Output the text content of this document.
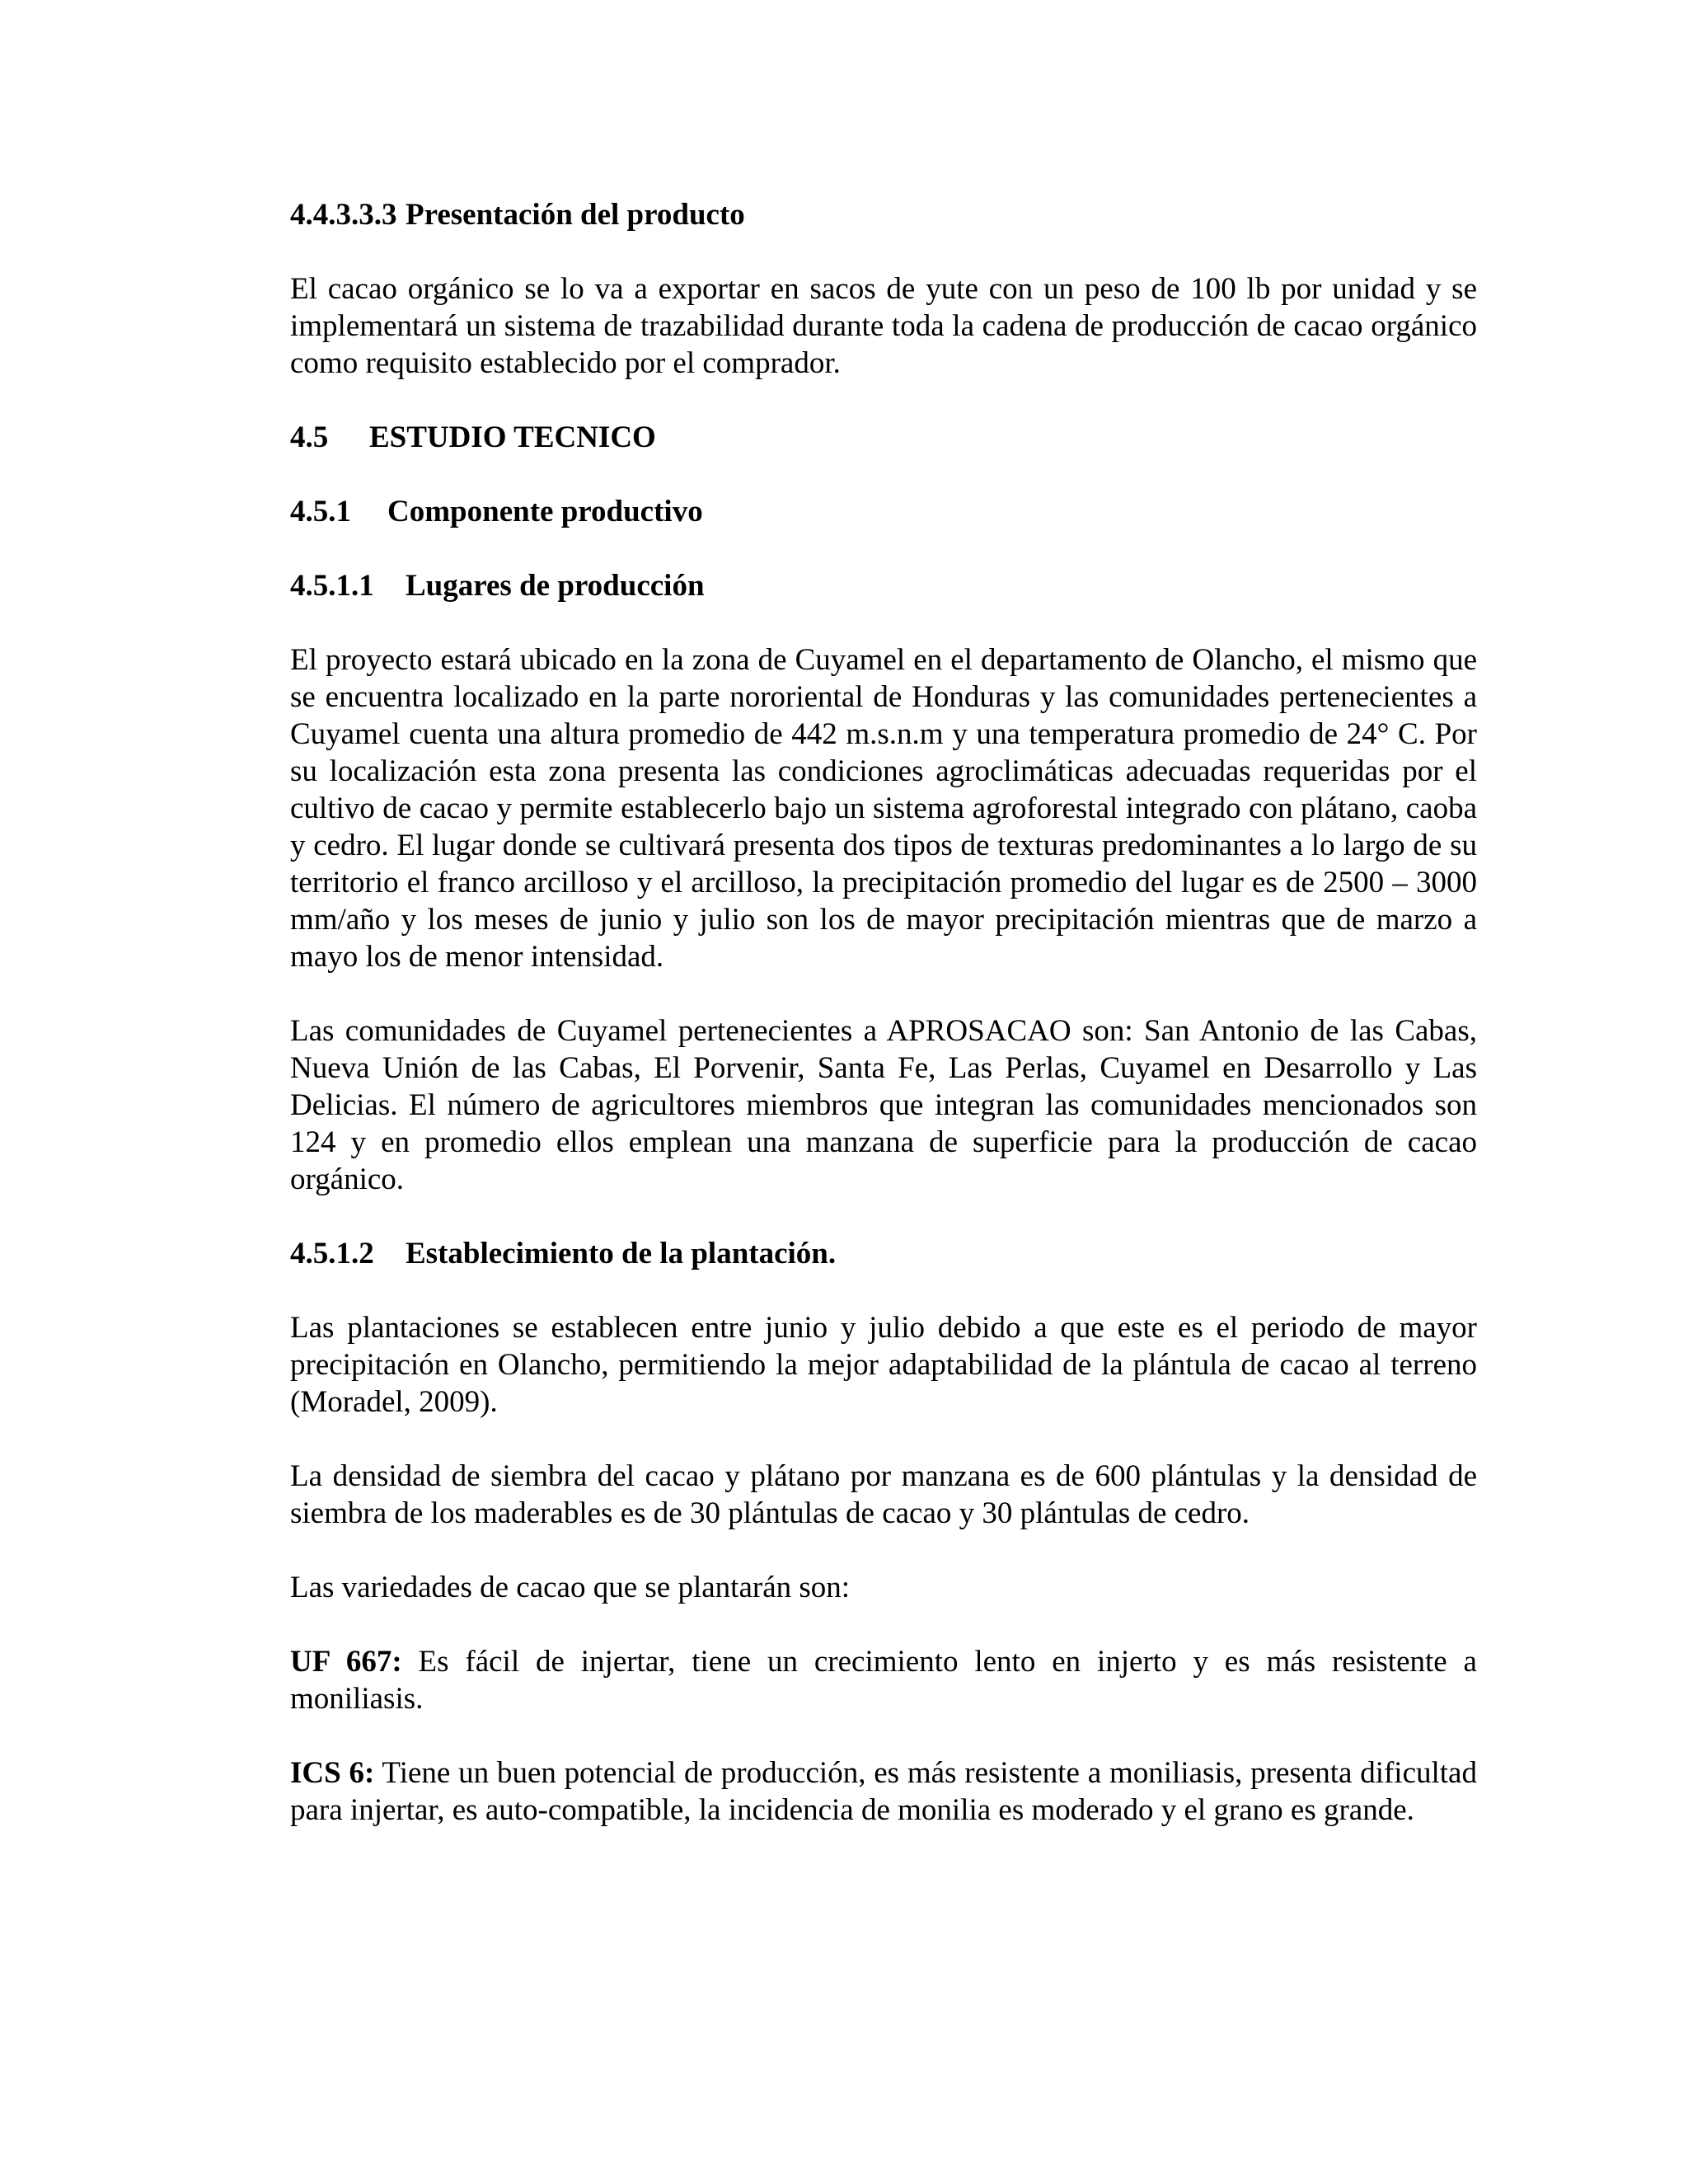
4.4.3.3.3 Presentación del producto

El cacao orgánico se lo va a exportar en sacos de yute con un peso de 100 lb por unidad y se implementará un sistema de trazabilidad durante toda la cadena de producción de cacao orgánico como requisito establecido por el comprador.

4.5 ESTUDIO TECNICO
4.5.1 Componente productivo
4.5.1.1 Lugares de producción

El proyecto estará ubicado en la zona de Cuyamel en el departamento de Olancho, el mismo que se encuentra localizado en la parte nororiental de Honduras y las comunidades pertenecientes a Cuyamel cuenta una altura promedio de 442 m.s.n.m y una temperatura promedio de 24° C. Por su localización esta zona presenta las condiciones agroclimáticas adecuadas requeridas por el cultivo de cacao y permite establecerlo bajo un sistema agroforestal integrado con plátano, caoba y cedro. El lugar donde se cultivará presenta dos tipos de texturas predominantes a lo largo de su territorio el franco arcilloso y el arcilloso, la precipitación promedio del lugar es de 2500 – 3000 mm/año y los meses de junio y julio son los de mayor precipitación mientras que de marzo a mayo los de menor intensidad.

Las comunidades de Cuyamel pertenecientes a APROSACAO son: San Antonio de las Cabas, Nueva Unión de las Cabas, El Porvenir, Santa Fe, Las Perlas, Cuyamel en Desarrollo y Las Delicias. El número de agricultores miembros que integran las comunidades mencionados son 124 y en promedio ellos emplean una manzana de superficie para la producción de cacao orgánico.

4.5.1.2 Establecimiento de la plantación.

Las plantaciones se establecen entre junio y julio debido a que este es el periodo de mayor precipitación en Olancho, permitiendo la mejor adaptabilidad de la plántula de cacao al terreno (Moradel, 2009).

La densidad de siembra del cacao y plátano por manzana es de 600 plántulas y la densidad de siembra de los maderables es de 30 plántulas de cacao y 30 plántulas de cedro.

Las variedades de cacao que se plantarán son:

UF 667: Es fácil de injertar, tiene un crecimiento lento en injerto y es más resistente a moniliasis.

ICS 6: Tiene un buen potencial de producción, es más resistente a moniliasis, presenta dificultad para injertar, es auto-compatible, la incidencia de monilia es moderado y el grano es grande.
